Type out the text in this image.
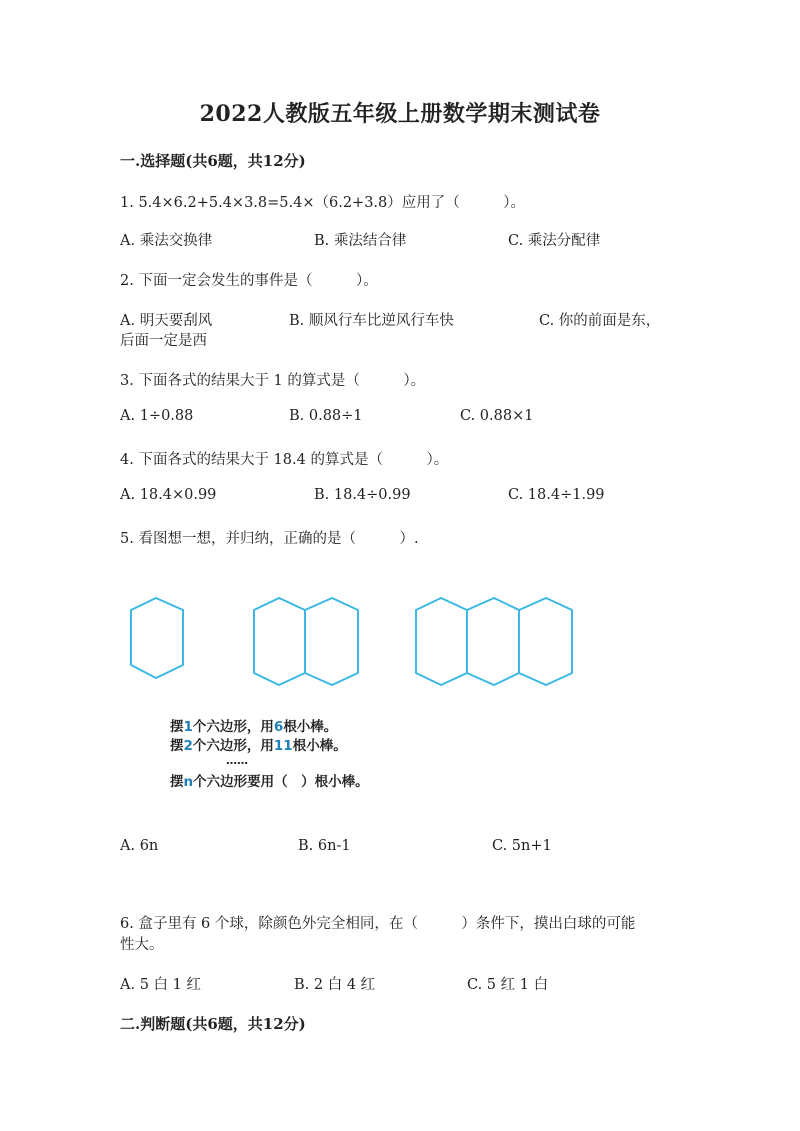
2022人教版五年级上册数学期末测试卷
一.选择题(共6题，共12分)
1. 5.4×6.2+5.4×3.8=5.4×（6.2+3.8）应用了（　　　）。
A. 乘法交换律	B. 乘法结合律	C. 乘法分配律
2. 下面一定会发生的事件是（　　　）。
A. 明天要刮风	B. 顺风行车比逆风行车快	C. 你的前面是东，
后面一定是西
3. 下面各式的结果大于 1 的算式是（　　　）。
A. 1÷0.88	B. 0.88÷1	C. 0.88×1
4. 下面各式的结果大于 18.4 的算式是（　　　）。
A. 18.4×0.99	B. 18.4÷0.99	C. 18.4÷1.99
5. 看图想一想，并归纳，正确的是（　　　）.
摆1个六边形，用6根小棒。
摆2个六边形，用11根小棒。
……
摆n个六边形要用（　）根小棒。
A. 6n	B. 6n-1	C. 5n+1
6. 盒子里有 6 个球，除颜色外完全相同，在（　　　）条件下，摸出白球的可能
性大。
A. 5 白 1 红	B. 2 白 4 红	C. 5 红 1 白
二.判断题(共6题，共12分)
